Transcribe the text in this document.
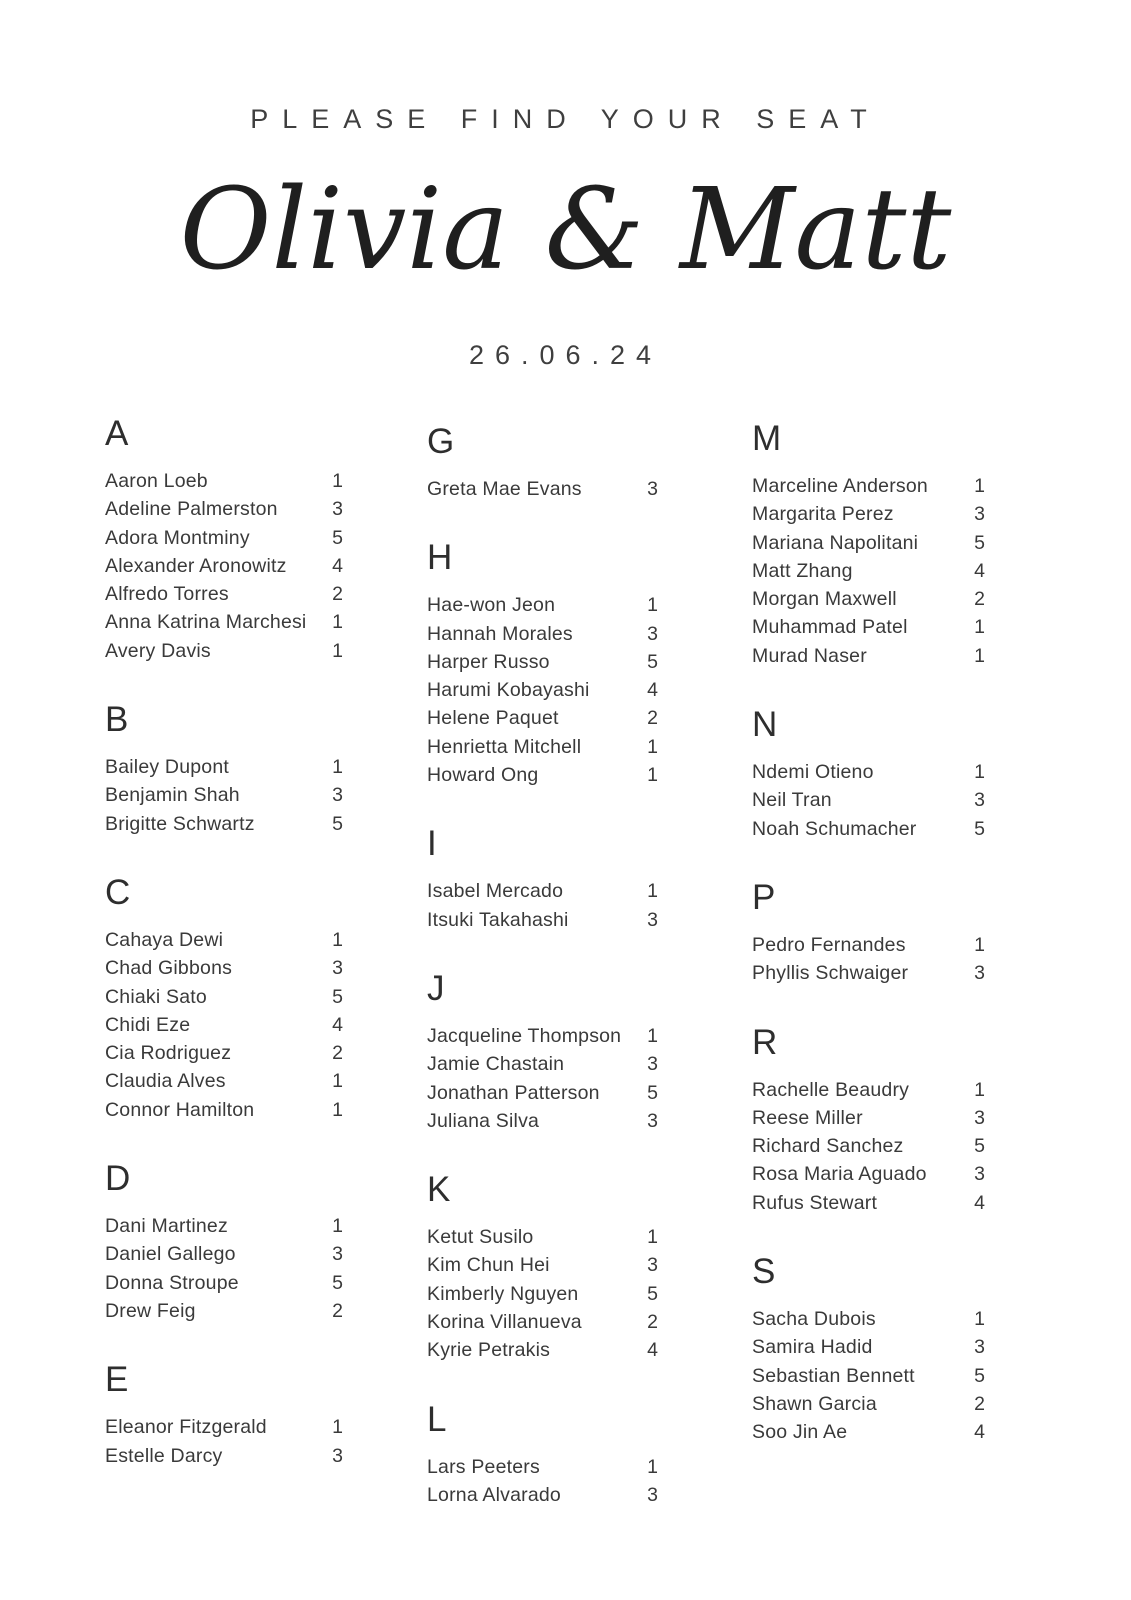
PLEASE FIND YOUR SEAT
Olivia & Matt
26.06.24
A
Aaron Loeb	1
Adeline Palmerston	3
Adora Montminy	5
Alexander Aronowitz	4
Alfredo Torres	2
Anna Katrina Marchesi	1
Avery Davis	1
B
Bailey Dupont	1
Benjamin Shah	3
Brigitte Schwartz	5
C
Cahaya Dewi	1
Chad Gibbons	3
Chiaki Sato	5
Chidi Eze	4
Cia Rodriguez	2
Claudia Alves	1
Connor Hamilton	1
D
Dani Martinez	1
Daniel Gallego	3
Donna Stroupe	5
Drew Feig	2
E
Eleanor Fitzgerald	1
Estelle Darcy	3
G
Greta Mae Evans	3
H
Hae-won Jeon	1
Hannah Morales	3
Harper Russo	5
Harumi Kobayashi	4
Helene Paquet	2
Henrietta Mitchell	1
Howard Ong	1
I
Isabel Mercado	1
Itsuki Takahashi	3
J
Jacqueline Thompson	1
Jamie Chastain	3
Jonathan Patterson	5
Juliana Silva	3
K
Ketut Susilo	1
Kim Chun Hei	3
Kimberly Nguyen	5
Korina Villanueva	2
Kyrie Petrakis	4
L
Lars Peeters	1
Lorna Alvarado	3
M
Marceline Anderson	1
Margarita Perez	3
Mariana Napolitani	5
Matt Zhang	4
Morgan Maxwell	2
Muhammad Patel	1
Murad Naser	1
N
Ndemi Otieno	1
Neil Tran	3
Noah Schumacher	5
P
Pedro Fernandes	1
Phyllis Schwaiger	3
R
Rachelle Beaudry	1
Reese Miller	3
Richard Sanchez	5
Rosa Maria Aguado	3
Rufus Stewart	4
S
Sacha Dubois	1
Samira Hadid	3
Sebastian Bennett	5
Shawn Garcia	2
Soo Jin Ae	4
